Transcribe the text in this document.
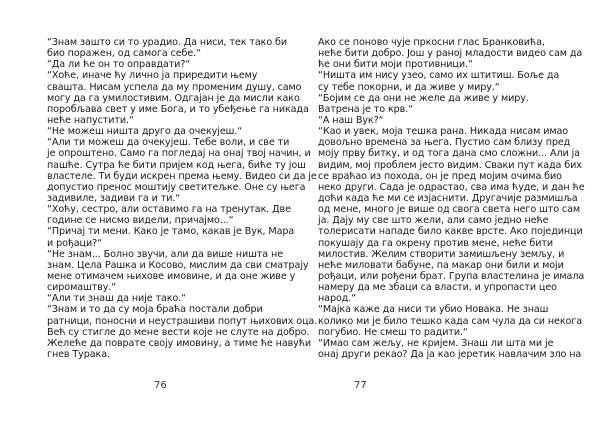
“Знам зашто си то урадио. Да ниси, тек тако би
био поражен, од самога себе.“
“Да ли ће он то оправдати?“
“Хоће, иначе ћу лично ја приредити њему
сваштa. Нисам успела да му променим душу, само
могу да га умилостивим. Одгајан је да мисли како
поробљава свет у име Бога, и то убеђење га никада
неће напустити.“
“Не можеш ништа друго да очекујеш.“
“Али ти можеш да очекујеш. Тебе воли, и све ти
је опроштено. Само га погледај на онај твој начин, и
пашће. Сутра ће бити пријем код њега, биће ту још
властеле. Ти буди искрен према њему. Видео си да је
допустио пренос моштију светитељке. Оне су њега
задивиле, задиви га и ти.“
“Хоћу, сестро, али оставимо га на тренутак. Две
године се нисмо видели, причајмо...“
“Причај ти мени. Како је тамо, какав је Вук, Мара
и рођаци?“
“Не знам... Болно звучи, али да више ништа не
знам. Цела Рашка и Косово, мислим да сви сматрају
мене отимачем њихове имовине, и да оне живе у
сиромаштву.“
“Али ти знаш да није тако.“
“Знам и то да су моја браћа постали добри
ратници, поносни и неустрашиви попут њихових оца.
Већ су стигле до мене вести које не слуте на добро.
Желеће да поврате своју имовину, а тиме ће навући
гнев Турака.
76
Ако се поново чује пркосни глас Бранковића,
неће бити добро. Још у раној младости видео сам да
ће они бити моји противници.“
“Ништа им нису узео, само их штитиш. Боље да
су тебе покорни, и да живе у миру.“
“Бојим се да они не желе да живе у миру.
Ватрена је то крв.“
“А наш Вук?“
“Као и увек, моја тешка рана. Никада нисам имао
довољно времена за њега. Пустио сам близу пред
моју прву битку, и од тога дана смо сложни... Али ја
видим, мој проблем јесто видим. Сваки пут када бих
се враћао из похода, он је пред мојим очима био
неко други. Сада је одрастао, сва има ћуде, и дан ће
доћи када ће ми се изјаснити. Другачије размишља
од мене, много је више од свога света него што сам
ја. Дају му све што жели, али само једно неће
толерисати нападе било какве врсте. Ако појединци
покушају да га окрену против мене, неће бити
милостив. Желим створити замишљену земљу, и
неће миловати бабуне, па макар они били и моји
рођаци, или рођени брат. Група властелина је имала
намеру да ме збаци са власти, и упропасти цео
народ.“
“Мајка каже да ниси ти убио Новака. Не знаш
колико ми је било тешко када сам чула да си некога
погубио. Не смеш то радити.“
“Имао сам жељу, не кријем. Знаш ли шта ми је
онај други рекао? Да ја као јеретик навлачим зло на
77
